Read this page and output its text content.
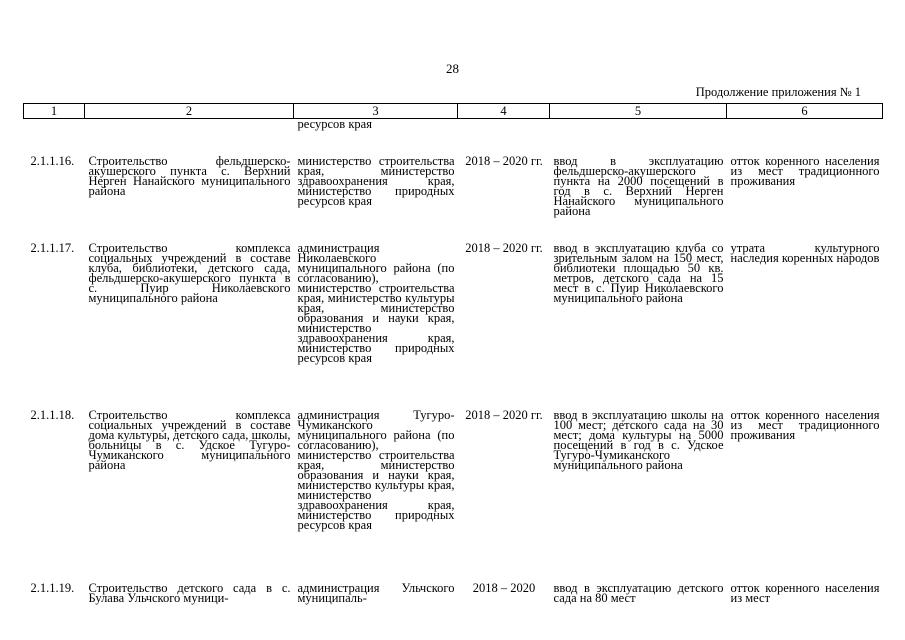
28
Продолжение приложения № 1
1	2	3	4	5	6
		ресурсов края			
2.1.1.16.	Строительство фельдшерско-акушерского пункта с. Верхний Нерген Нанайского муниципального района	министерство строительства края, министерство здравоохранения края, министерство природных ресурсов края	2018 – 2020 гг.	ввод в эксплуатацию фельдшерско-акушерского пункта на 2000 посещений в год в с. Верхний Нерген Нанайского муниципального района	отток коренного населения из мест традиционного проживания
2.1.1.17.	Строительство комплекса социальных учреждений в составе клуба, библиотеки, детского сада, фельдшерско-акушерского пункта в с. Пуир Николаевского муниципального района	администрация Николаевского муниципального района (по согласованию), министерство строительства края, министерство культуры края, министерство образования и науки края, министерство здравоохранения края, министерство природных ресурсов края	2018 – 2020 гг.	ввод в эксплуатацию клуба со зрительным залом на 150 мест, библиотеки площадью 50 кв. метров, детского сада на 15 мест в с. Пуир Николаевского муниципального района	утрата культурного наследия коренных народов
2.1.1.18.	Строительство комплекса социальных учреждений в составе дома культуры, детского сада, школы, больницы в с. Удское Тугуро-Чумиканского муниципального района	администрация Тугуро-Чумиканского муниципального района (по согласованию), министерство строительства края, министерство образования и науки края, министерство культуры края, министерство здравоохранения края, министерство природных ресурсов края	2018 – 2020 гг.	ввод в эксплуатацию школы на 100 мест; детского сада на 30 мест; дома культуры на 5000 посещений в год в с. Удское Тугуро-Чумиканского муниципального района	отток коренного населения из мест традиционного проживания
2.1.1.19.	Строительство детского сада в с. Булава Ульчского муници-	администрация Ульчского муниципаль-	2018 – 2020	ввод в эксплуатацию детского сада на 80 мест	отток коренного населения из мест
